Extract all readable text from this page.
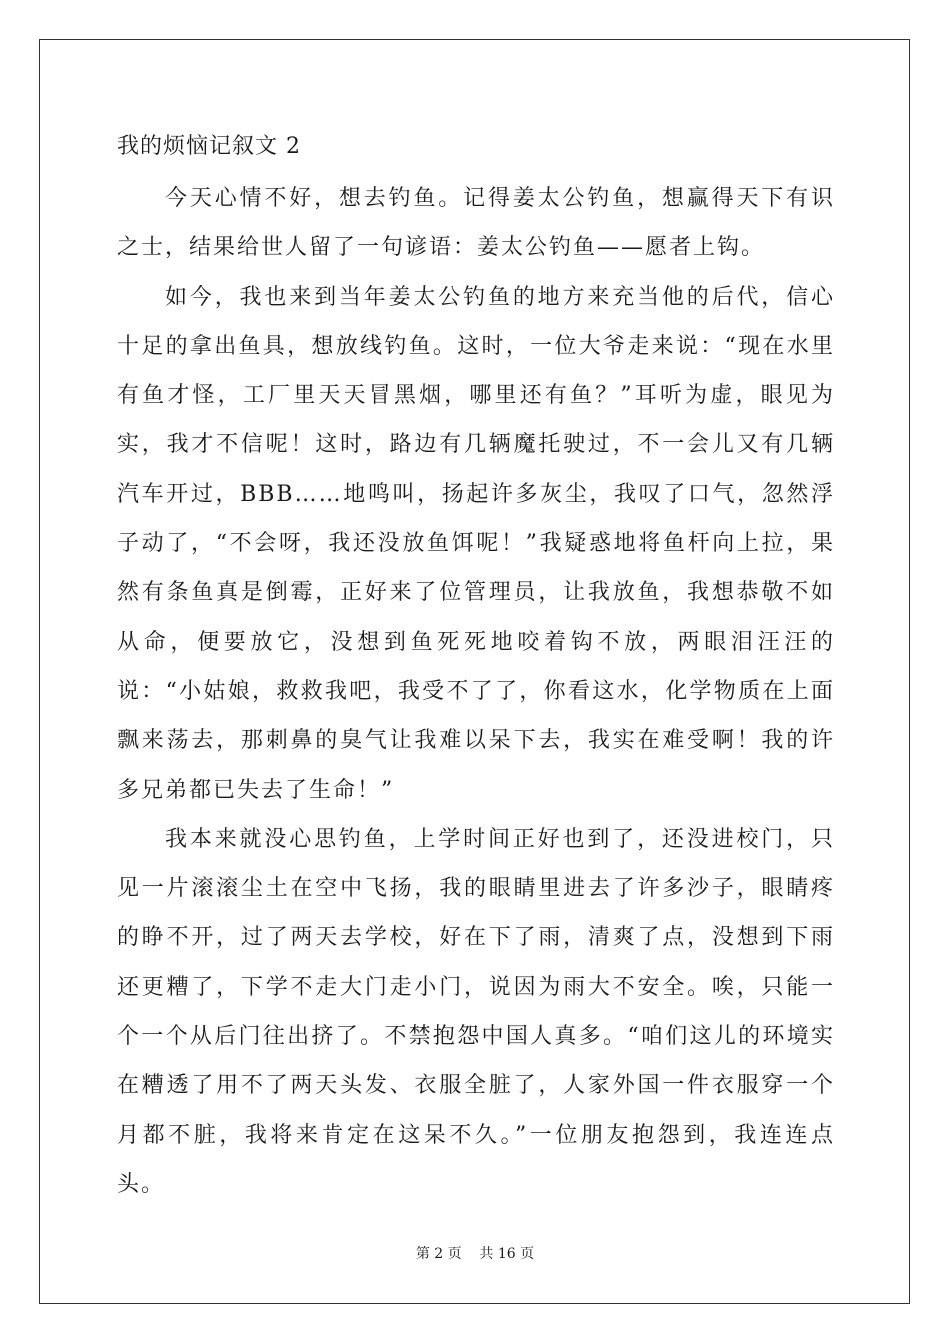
我的烦恼记叙文 2

今天心情不好，想去钓鱼。记得姜太公钓鱼，想赢得天下有识之士，结果给世人留了一句谚语：姜太公钓鱼——愿者上钩。

如今，我也来到当年姜太公钓鱼的地方来充当他的后代，信心十足的拿出鱼具，想放线钓鱼。这时，一位大爷走来说：“现在水里有鱼才怪，工厂里天天冒黑烟，哪里还有鱼？”耳听为虚，眼见为实，我才不信呢！这时，路边有几辆魔托驶过，不一会儿又有几辆汽车开过，BBB……地鸣叫，扬起许多灰尘，我叹了口气，忽然浮子动了，“不会呀，我还没放鱼饵呢！”我疑惑地将鱼杆向上拉，果然有条鱼真是倒霉，正好来了位管理员，让我放鱼，我想恭敬不如从命，便要放它，没想到鱼死死地咬着钩不放，两眼泪汪汪的说：“小姑娘，救救我吧，我受不了了，你看这水，化学物质在上面飘来荡去，那刺鼻的臭气让我难以呆下去，我实在难受啊！我的许多兄弟都已失去了生命！”

我本来就没心思钓鱼，上学时间正好也到了，还没进校门，只见一片滚滚尘土在空中飞扬，我的眼睛里进去了许多沙子，眼睛疼的睁不开，过了两天去学校，好在下了雨，清爽了点，没想到下雨还更糟了，下学不走大门走小门，说因为雨大不安全。唉，只能一个一个从后门往出挤了。不禁抱怨中国人真多。“咱们这儿的环境实在糟透了用不了两天头发、衣服全脏了，人家外国一件衣服穿一个月都不脏，我将来肯定在这呆不久。”一位朋友抱怨到，我连连点头。

第 2 页    共 16 页
